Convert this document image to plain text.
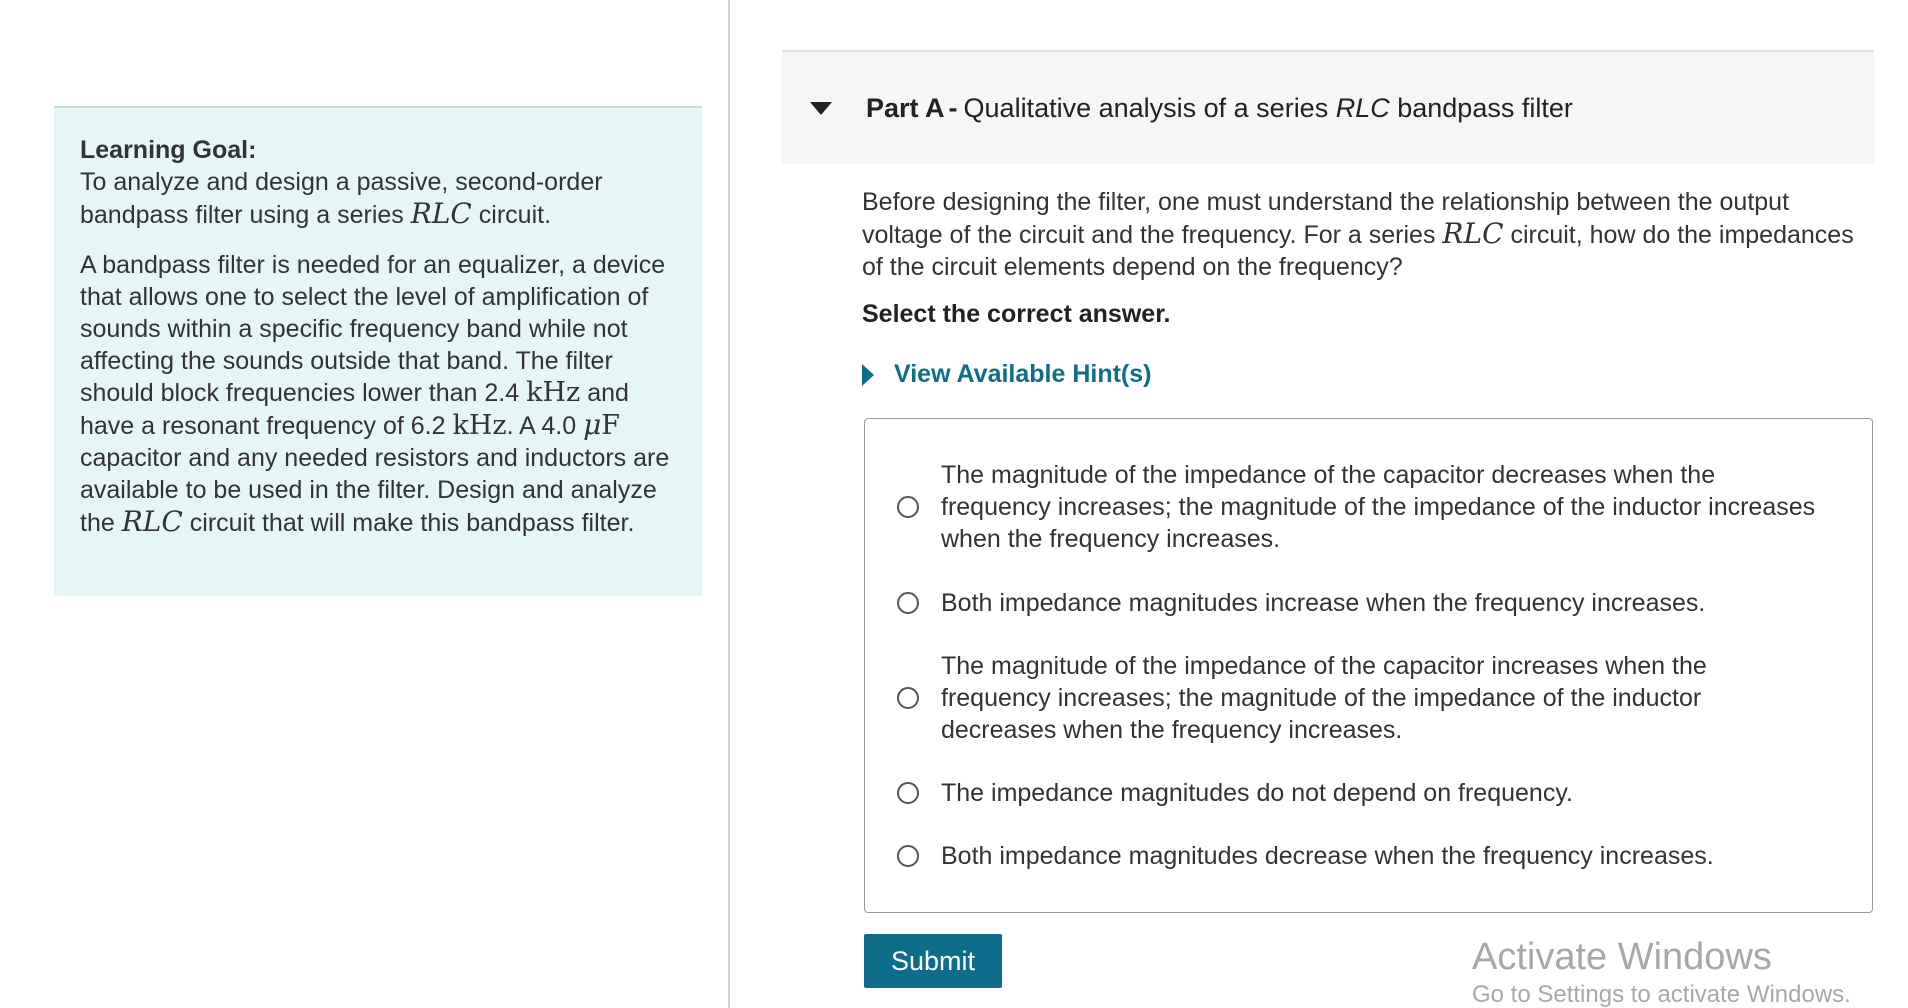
Learning Goal:

To analyze and design a passive, second-order bandpass filter using a series RLC circuit.

A bandpass filter is needed for an equalizer, a device that allows one to select the level of amplification of sounds within a specific frequency band while not affecting the sounds outside that band. The filter should block frequencies lower than 2.4 kHz and have a resonant frequency of 6.2 kHz. A 4.0 μF capacitor and any needed resistors and inductors are available to be used in the filter. Design and analyze the RLC circuit that will make this bandpass filter.

Part A - Qualitative analysis of a series RLC bandpass filter

Before designing the filter, one must understand the relationship between the output voltage of the circuit and the frequency. For a series RLC circuit, how do the impedances of the circuit elements depend on the frequency?

Select the correct answer.

View Available Hint(s)
The magnitude of the impedance of the capacitor decreases when the frequency increases; the magnitude of the impedance of the inductor increases when the frequency increases.
Both impedance magnitudes increase when the frequency increases.
The magnitude of the impedance of the capacitor increases when the frequency increases; the magnitude of the impedance of the inductor decreases when the frequency increases.
The impedance magnitudes do not depend on frequency.
Both impedance magnitudes decrease when the frequency increases.
Submit	Activate Windows
Go to Settings to activate Windows.
